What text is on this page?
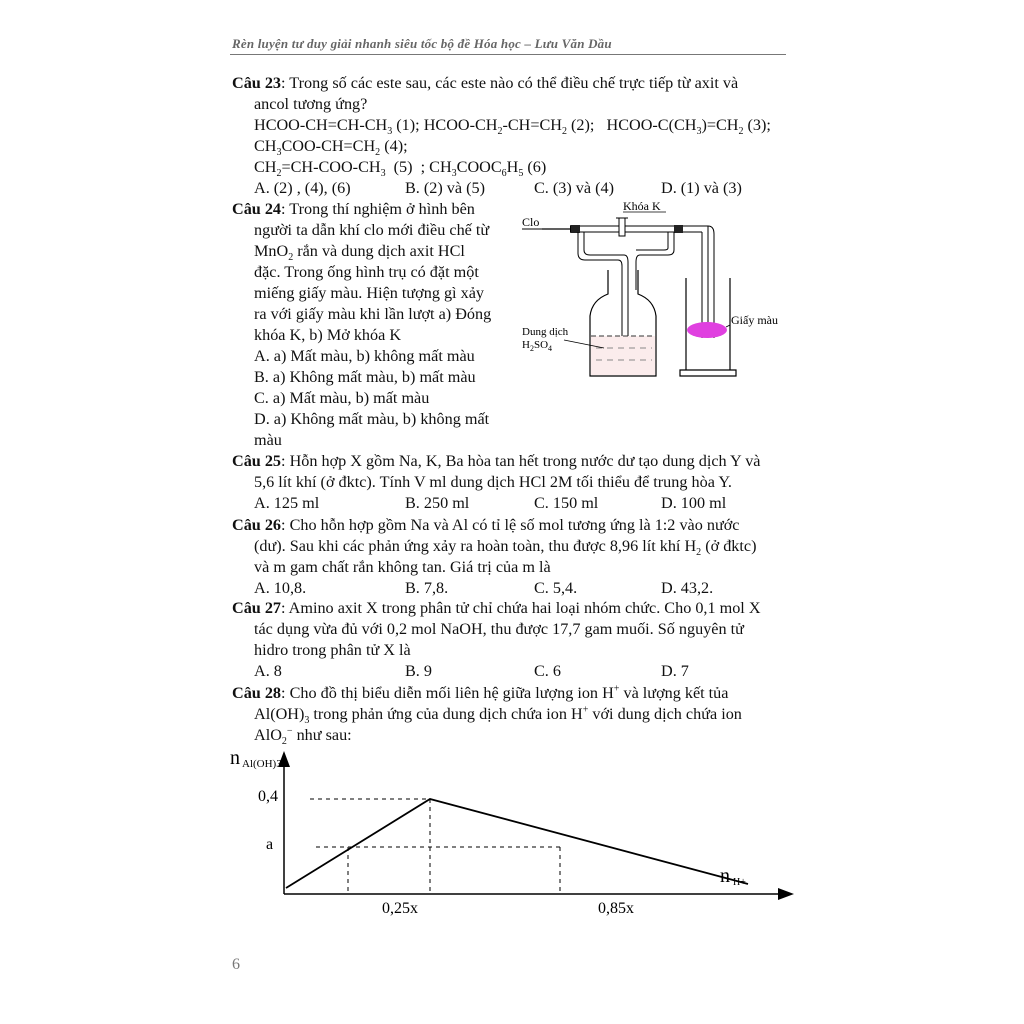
Rèn luyện tư duy giải nhanh siêu tốc bộ đề Hóa học – Lưu Văn Dầu
Câu 23: Trong số các este sau, các este nào có thể điều chế trực tiếp từ axit và
ancol tương ứng?
HCOO-$CH=CH-CH_3$ (1); HCOO-$CH_2-CH=CH_2$ (2);   HCOO-$C(CH_3)=CH_2$ (3);
$CH_3COO-CH=CH_2$ (4);
$CH_2=CH-COO-CH_3$  (5)  ; $CH_3COOC_6H_5$ (6)
A. (2) , (4), (6)	B. (2) và (5)	C. (3) và (4)	D. (1) và (3)
Câu 24: Trong thí nghiệm ở hình bên
người ta dẫn khí clo mới điều chế từ
MnO$_2$ rắn và dung dịch axit HCl
đặc. Trong ống hình trụ có đặt một
miếng giấy màu. Hiện tượng gì xảy
ra với giấy màu khi lần lượt a) Đóng
khóa K, b) Mở khóa K
A. a) Mất màu, b) không mất màu
B. a) Không mất màu, b) mất màu
C. a) Mất màu, b) mất màu
D. a) Không mất màu, b) không mất
màu
Clo
Khóa K
Dung dịch
$H_2SO_4$
Giấy màu
Câu 25: Hỗn hợp X gồm Na, K, Ba hòa tan hết trong nước dư tạo dung dịch Y và
5,6 lít khí (ở đktc). Tính V ml dung dịch HCl 2M tối thiểu để trung hòa Y.
A. 125 ml	B. 250 ml	C. 150 ml	D. 100 ml
Câu 26: Cho hỗn hợp gồm Na và Al có tỉ lệ số mol tương ứng là 1:2 vào nước
(dư). Sau khi các phản ứng xảy ra hoàn toàn, thu được 8,96 lít khí $H_2$ (ở đktc)
và m gam chất rắn không tan. Giá trị của m là
A. 10,8.	B. 7,8.	C. 5,4.	D. 43,2.
Câu 27: Amino axit X trong phân tử chỉ chứa hai loại nhóm chức. Cho 0,1 mol X
tác dụng vừa đủ với 0,2 mol NaOH, thu được 17,7 gam muối. Số nguyên tử
hidro trong phân tử X là
A. 8	B. 9	C. 6	D. 7
Câu 28: Cho đồ thị biểu diễn mối liên hệ giữa lượng ion H+ và lượng kết tủa
$Al(OH)_3$ trong phản ứng của dung dịch chứa ion H+ với dung dịch chứa ion
AlO$_2$− như sau:
n Al(OH)3
n H+
0,4
a
0,25x	0,85x
6
